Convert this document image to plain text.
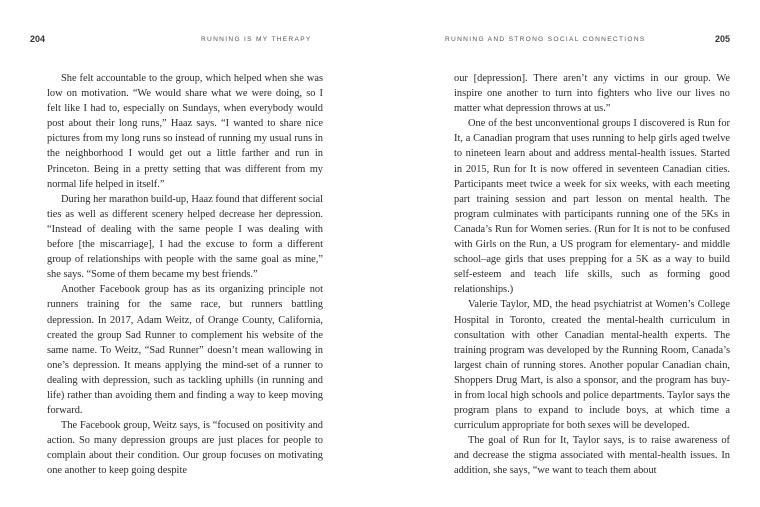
204	RUNNING IS MY THERAPY

She felt accountable to the group, which helped when she was low on motivation. “We would share what we were doing, so I felt like I had to, especially on Sundays, when everybody would post about their long runs,” Haaz says. “I wanted to share nice pictures from my long runs so instead of running my usual runs in the neighborhood I would get out a little farther and run in Princeton. Being in a pretty setting that was different from my normal life helped in itself.”

During her marathon build-up, Haaz found that different social ties as well as different scenery helped decrease her depression. “Instead of dealing with the same people I was dealing with before [the miscarriage], I had the excuse to form a different group of relationships with people with the same goal as mine,” she says. “Some of them became my best friends.”

Another Facebook group has as its organizing principle not runners training for the same race, but runners battling depression. In 2017, Adam Weitz, of Orange County, California, created the group Sad Runner to complement his website of the same name. To Weitz, “Sad Runner” doesn’t mean wallowing in one’s depression. It means applying the mind-set of a runner to dealing with depression, such as tackling uphills (in running and life) rather than avoiding them and finding a way to keep moving forward.

The Facebook group, Weitz says, is “focused on positivity and action. So many depression groups are just places for people to complain about their condition. Our group focuses on motivating one another to keep going despite

RUNNING AND STRONG SOCIAL CONNECTIONS	205

our [depression]. There aren’t any victims in our group. We inspire one another to turn into fighters who live our lives no matter what depression throws at us.”

One of the best unconventional groups I discovered is Run for It, a Canadian program that uses running to help girls aged twelve to nineteen learn about and address mental-health issues. Started in 2015, Run for It is now offered in seventeen Canadian cities. Participants meet twice a week for six weeks, with each meeting part training session and part lesson on mental health. The program culminates with participants running one of the 5Ks in Canada’s Run for Women series. (Run for It is not to be confused with Girls on the Run, a US program for elementary- and middle school–age girls that uses prepping for a 5K as a way to build self-esteem and teach life skills, such as forming good relationships.)

Valerie Taylor, MD, the head psychiatrist at Women’s College Hospital in Toronto, created the mental-health curriculum in consultation with other Canadian mental-health experts. The training program was developed by the Running Room, Canada’s largest chain of running stores. Another popular Canadian chain, Shoppers Drug Mart, is also a sponsor, and the program has buy-in from local high schools and police departments. Taylor says the program plans to expand to include boys, at which time a curriculum appropriate for both sexes will be developed.

The goal of Run for It, Taylor says, is to raise awareness of and decrease the stigma associated with mental-health issues. In addition, she says, “we want to teach them about
